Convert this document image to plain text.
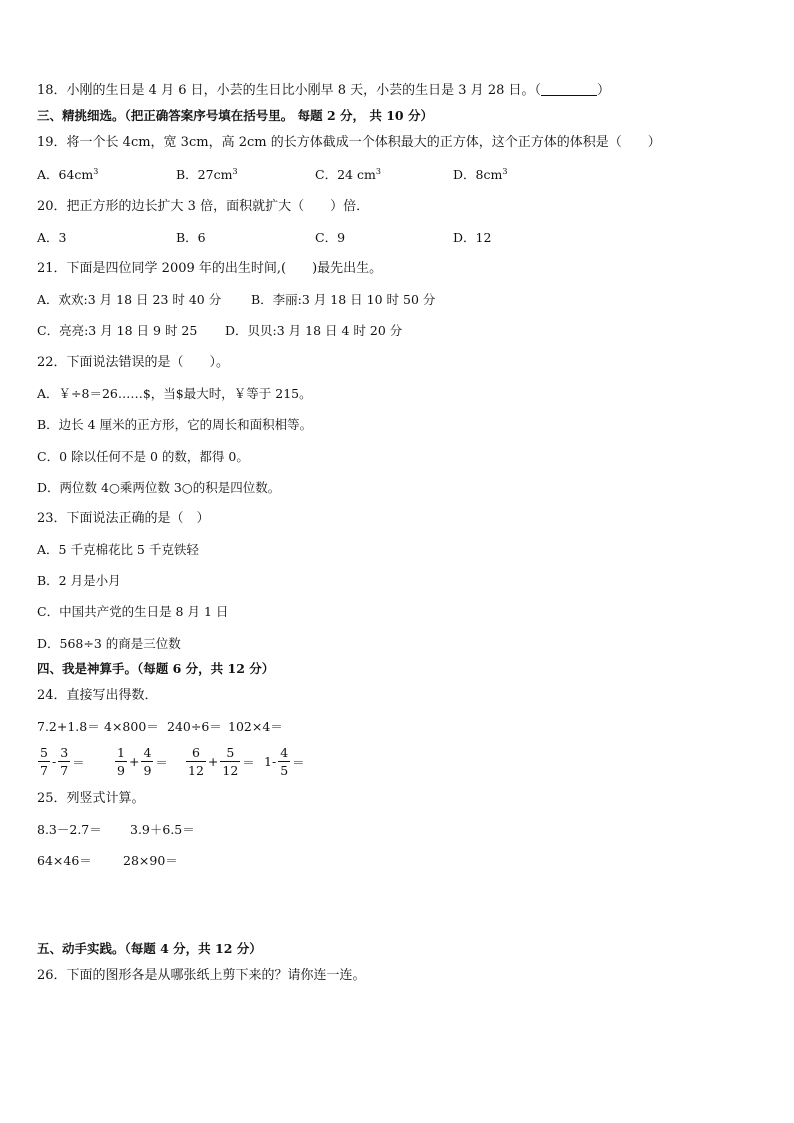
18．小刚的生日是 4 月 6 日，小芸的生日比小刚早 8 天，小芸的生日是 3 月 28 日。（	）
三、精挑细选。（把正确答案序号填在括号里。 每题 2 分， 共 10 分）
19．将一个长 4cm，宽 3cm，高 2cm 的长方体截成一个体积最大的正方体，这个正方体的体积是（　　）
A．$64cm^3$	B．$27cm^3$	C．24 $cm^3$	D．$8cm^3$
20．把正方形的边长扩大 3 倍，面积就扩大（　　）倍．
A．3	B．6	C．9	D．12
21．下面是四位同学 2009 年的出生时间,(　　)最先出生。
A．欢欢:3 月 18 日 23 时 40 分 B．李丽:3 月 18 日 10 时 50 分
C．亮亮:3 月 18 日 9 时 25 D．贝贝:3 月 18 日 4 时 20 分
22．下面说法错误的是（　　）。
A．￥÷8＝26……$，当$最大时，￥等于 215。
B．边长 4 厘米的正方形，它的周长和面积相等。
C．0 除以任何不是 0 的数，都得 0。
D．两位数 4○乘两位数 3○的积是四位数。
23．下面说法正确的是（　）
A．5 千克棉花比 5 千克铁轻
B．2 月是小月
C．中国共产党的生日是 8 月 1 日
D．568÷3 的商是三位数
四、我是神算手。（每题 6 分，共 12 分）
24．直接写出得数．
7.2+1.8＝ 4×800＝ 240÷6＝ 102×4＝
$\frac{5}{7} - \frac{3}{7} = \frac{1}{9} + \frac{4}{9} = \frac{6}{12} + \frac{5}{12} = 1- \frac{4}{5}$ ＝
25．列竖式计算。
8.3－2.7＝ 3.9＋6.5＝
64×46＝ 28×90＝
五、动手实践。（每题 4 分，共 12 分）
26．下面的图形各是从哪张纸上剪下来的？请你连一连。
